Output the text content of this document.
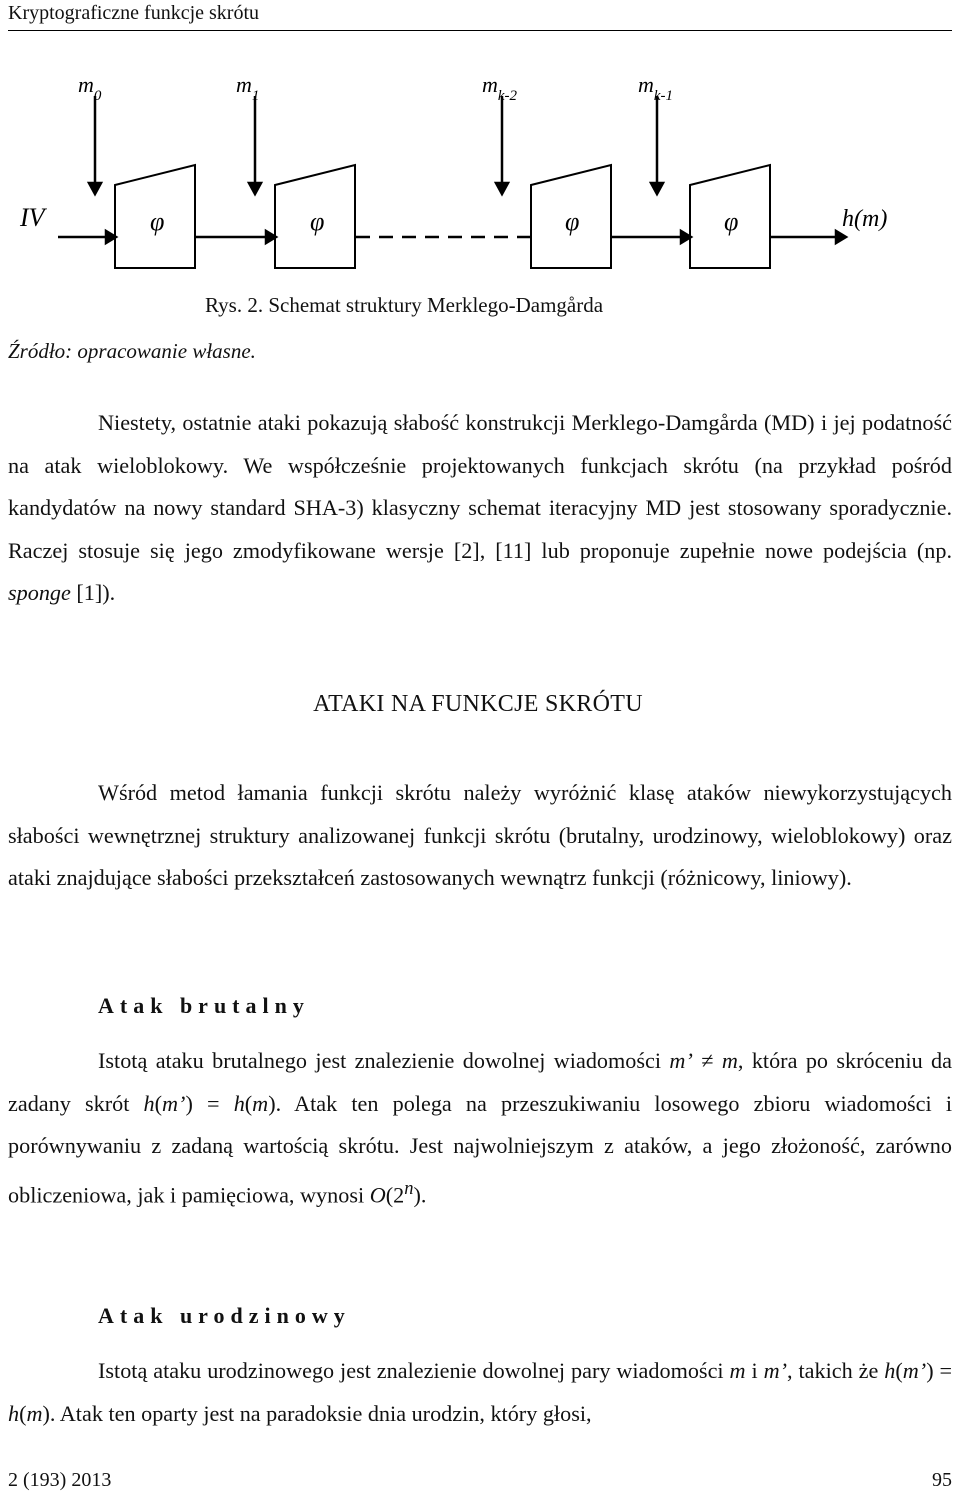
Kryptograficzne funkcje skrótu
$m_0$	$m_1$	$m_{k-2}$	$m_{k-1}$
IV	φ	φ	φ	φ	h(m)
Rys. 2. Schemat struktury Merklego-Damgårda
Źródło: opracowanie własne.

Niestety, ostatnie ataki pokazują słabość konstrukcji Merklego-Damgårda (MD) i jej podatność na atak wieloblokowy. We współcześnie projektowanych funkcjach skrótu (na przykład pośród kandydatów na nowy standard SHA-3) klasyczny schemat iteracyjny MD jest stosowany sporadycznie. Raczej stosuje się jego zmodyfikowane wersje [2], [11] lub proponuje zupełnie nowe podejścia (np. sponge [1]).

ATAKI NA FUNKCJE SKRÓTU

Wśród metod łamania funkcji skrótu należy wyróżnić klasę ataków niewykorzystujących słabości wewnętrznej struktury analizowanej funkcji skrótu (brutalny, urodzinowy, wieloblokowy) oraz ataki znajdujące słabości przekształceń zastosowanych wewnątrz funkcji (różnicowy, liniowy).

Atak brutalny

Istotą ataku brutalnego jest znalezienie dowolnej wiadomości m’ ≠ m, która po skróceniu da zadany skrót h(m’) = h(m). Atak ten polega na przeszukiwaniu losowego zbioru wiadomości i porównywaniu z zadaną wartością skrótu. Jest najwolniejszym z ataków, a jego złożoność, zarówno obliczeniowa, jak i pamięciowa, wynosi O(2$^n$).

Atak urodzinowy

Istotą ataku urodzinowego jest znalezienie dowolnej pary wiadomości m i m’, takich że h(m’) = h(m). Atak ten oparty jest na paradoksie dnia urodzin, który głosi,

2 (193) 2013	95
